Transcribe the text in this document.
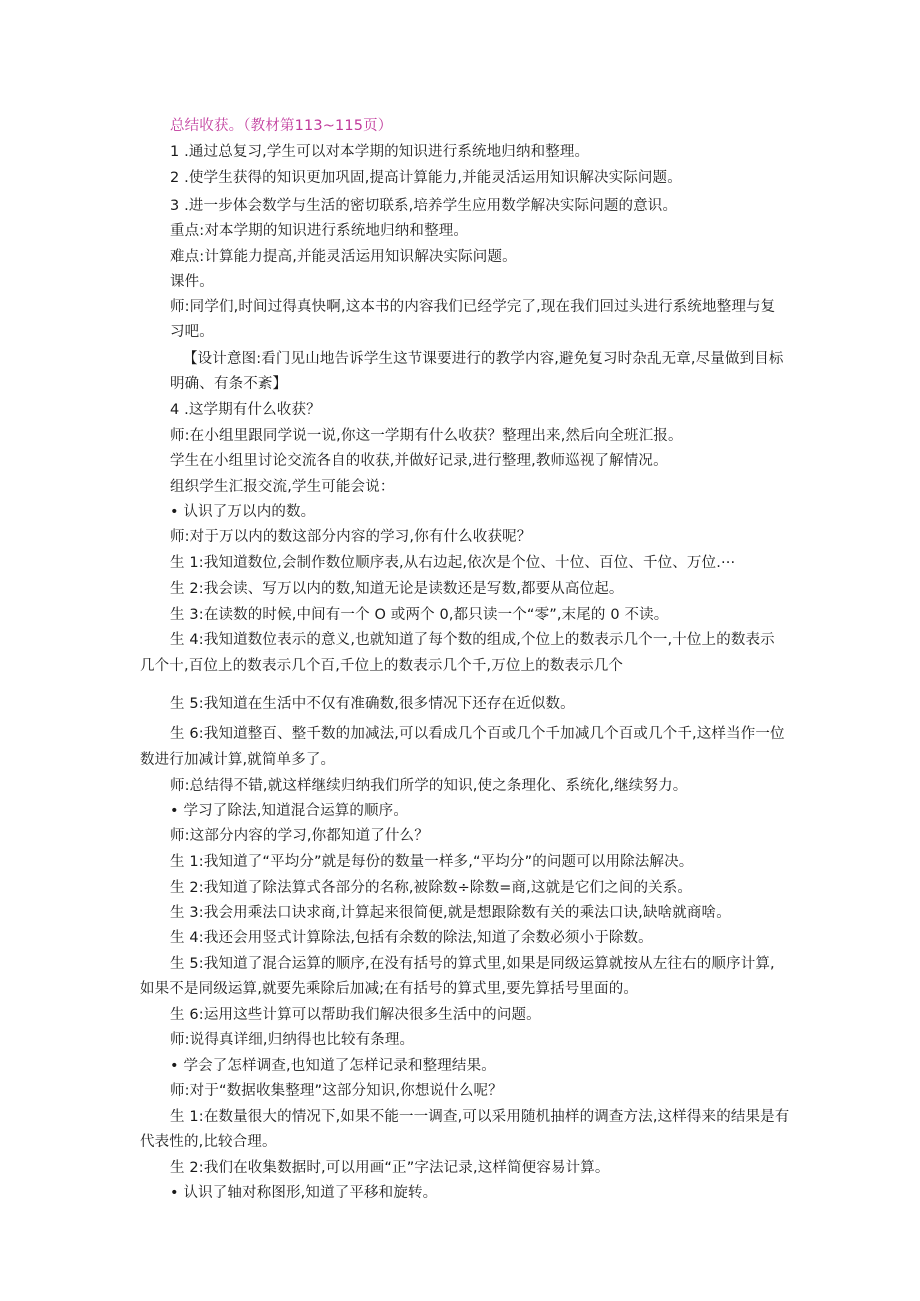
总结收获。（教材第113~115页）
1 .通过总复习,学生可以对本学期的知识进行系统地归纳和整理。
2 .使学生获得的知识更加巩固,提高计算能力,并能灵活运用知识解决实际问题。
3 .进一步体会数学与生活的密切联系,培养学生应用数学解决实际问题的意识。
重点:对本学期的知识进行系统地归纳和整理。
难点:计算能力提高,并能灵活运用知识解决实际问题。
课件。
师:同学们,时间过得真快啊,这本书的内容我们已经学完了,现在我们回过头进行系统地整理与复
习吧。
【设计意图:看门见山地告诉学生这节课要进行的教学内容,避免复习时杂乱无章,尽量做到目标
明确、有条不紊】
4 .这学期有什么收获？
师:在小组里跟同学说一说,你这一学期有什么收获？整理出来,然后向全班汇报。
学生在小组里讨论交流各自的收获,并做好记录,进行整理,教师巡视了解情况。
组织学生汇报交流,学生可能会说：
• 认识了万以内的数。
师:对于万以内的数这部分内容的学习,你有什么收获呢？
生 1:我知道数位,会制作数位顺序表,从右边起,依次是个位、十位、百位、千位、万位.···
生 2:我会读、写万以内的数,知道无论是读数还是写数,都要从高位起。
生 3:在读数的时候,中间有一个 O 或两个 0,都只读一个“零”,末尾的 0 不读。
生 4:我知道数位表示的意义,也就知道了每个数的组成,个位上的数表示几个一,十位上的数表示
几个十,百位上的数表示几个百,千位上的数表示几个千,万位上的数表示几个
生 5:我知道在生活中不仅有准确数,很多情况下还存在近似数。
生 6:我知道整百、整千数的加减法,可以看成几个百或几个千加减几个百或几个千,这样当作一位
数进行加减计算,就简单多了。
师:总结得不错,就这样继续归纳我们所学的知识,使之条理化、系统化,继续努力。
• 学习了除法,知道混合运算的顺序。
师:这部分内容的学习,你都知道了什么？
生 1:我知道了“平均分”就是每份的数量一样多,“平均分”的问题可以用除法解决。
生 2:我知道了除法算式各部分的名称,被除数÷除数=商,这就是它们之间的关系。
生 3:我会用乘法口诀求商,计算起来很简便,就是想跟除数有关的乘法口诀,缺啥就商啥。
生 4:我还会用竖式计算除法,包括有余数的除法,知道了余数必须小于除数。
生 5:我知道了混合运算的顺序,在没有括号的算式里,如果是同级运算就按从左往右的顺序计算,
如果不是同级运算,就要先乘除后加减;在有括号的算式里,要先算括号里面的。
生 6:运用这些计算可以帮助我们解决很多生活中的问题。
师:说得真详细,归纳得也比较有条理。
• 学会了怎样调查,也知道了怎样记录和整理结果。
师:对于“数据收集整理”这部分知识,你想说什么呢？
生 1:在数量很大的情况下,如果不能一一调查,可以采用随机抽样的调查方法,这样得来的结果是有
代表性的,比较合理。
生 2:我们在收集数据时,可以用画“正”字法记录,这样简便容易计算。
• 认识了轴对称图形,知道了平移和旋转。
